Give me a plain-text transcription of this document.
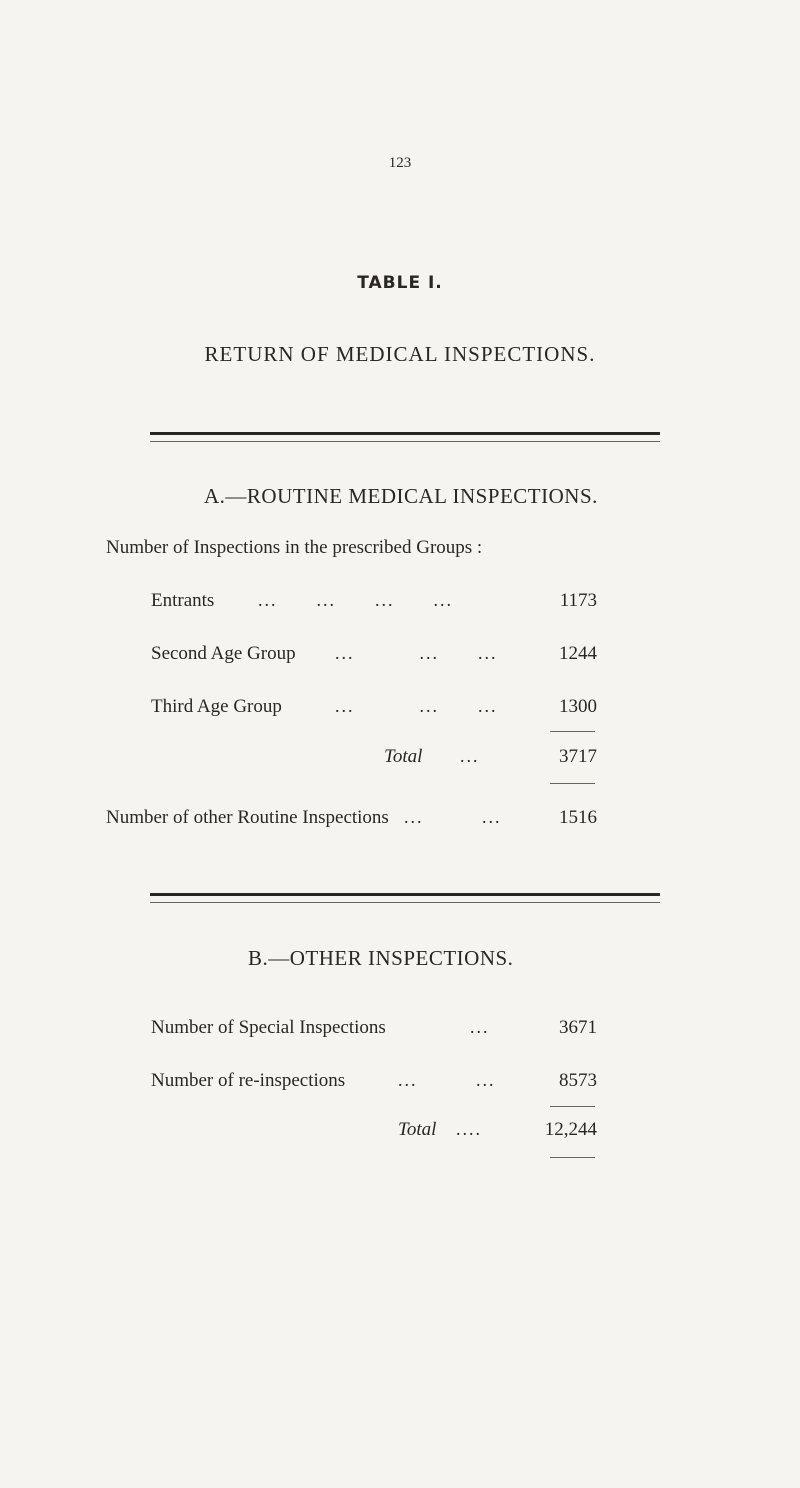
123
TABLE I.
RETURN OF MEDICAL INSPECTIONS.
A.—ROUTINE MEDICAL INSPECTIONS.
Number of Inspections in the prescribed Groups :
Entrants ...      ...      ...      ...	1173
Second Age Group ...          ...      ...	1244
Third Age Group	...          ...      ...	1300
Total ...	3717
Number of other Routine Inspections ...         ...	1516
B.—OTHER INSPECTIONS.
Number of Special Inspections	...	3671
Number of re-inspections	...         ...	8573
Total ....	12,244
